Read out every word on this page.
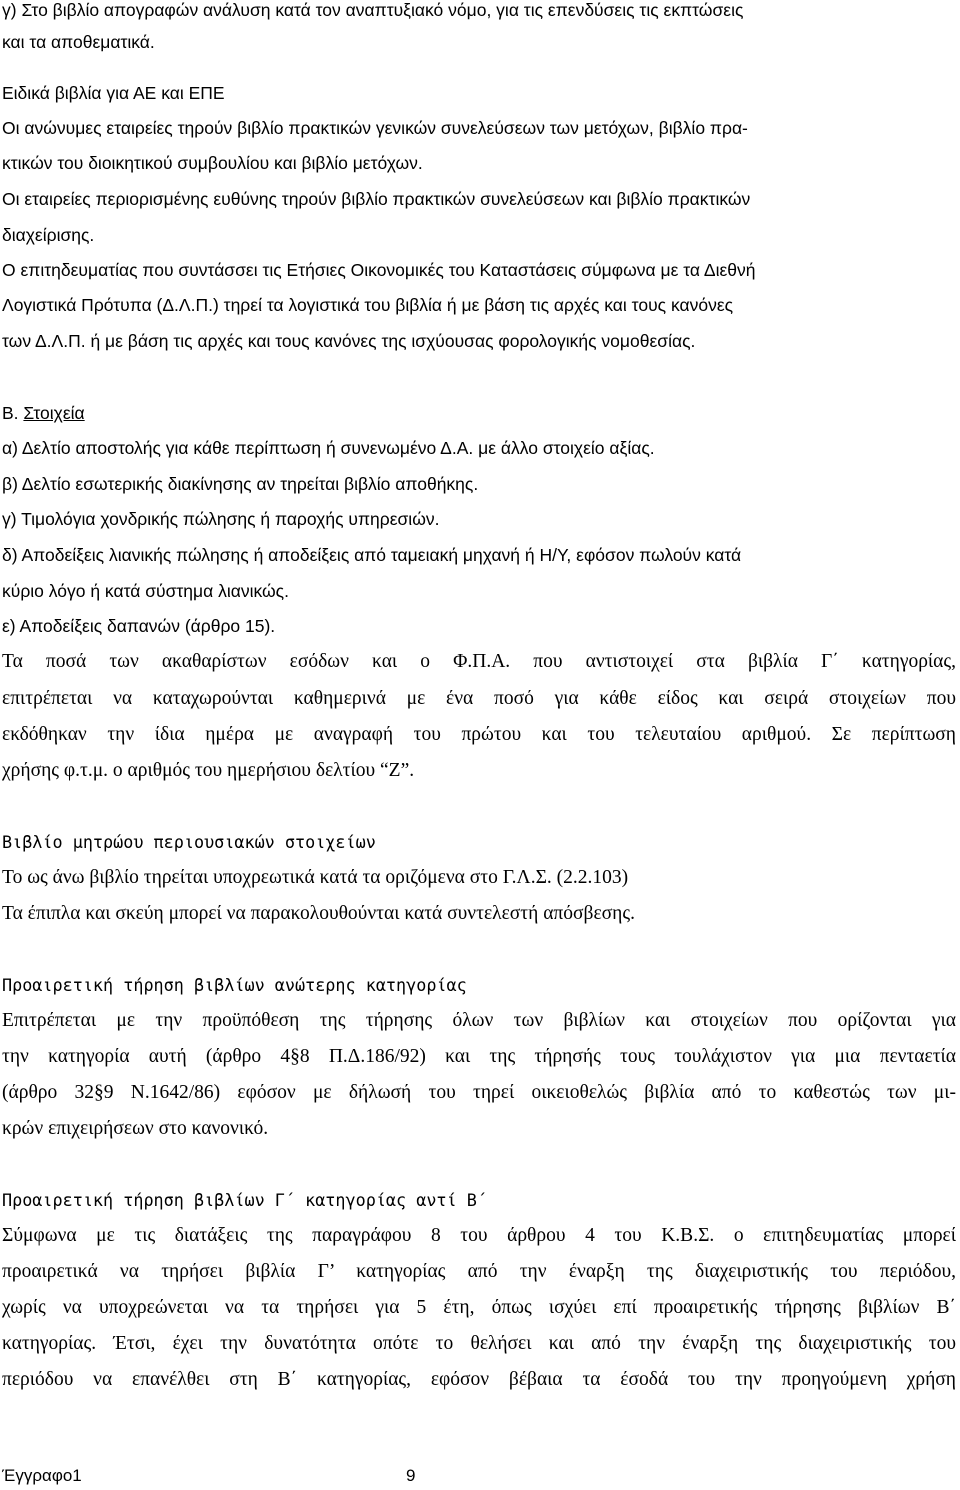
γ) Στο βιβλίο απογραφών ανάλυση κατά τον αναπτυξιακό νόμο, για τις επενδύσεις τις εκπτώσεις
και τα αποθεματικά.
Ειδικά βιβλία για ΑΕ και ΕΠΕ
Οι ανώνυμες εταιρείες τηρούν βιβλίο πρακτικών γενικών συνελεύσεων των μετόχων, βιβλίο πρα-
κτικών του διοικητικού συμβουλίου και βιβλίο μετόχων.
Οι εταιρείες περιορισμένης ευθύνης τηρούν βιβλίο πρακτικών συνελεύσεων και βιβλίο πρακτικών
διαχείρισης.
Ο επιτηδευματίας που συντάσσει τις Ετήσιες Οικονομικές του Καταστάσεις σύμφωνα με τα Διεθνή
Λογιστικά Πρότυπα (Δ.Λ.Π.) τηρεί τα λογιστικά του βιβλία ή με βάση τις αρχές και τους κανόνες
των Δ.Λ.Π. ή με βάση τις αρχές και τους κανόνες της ισχύουσας φορολογικής νομοθεσίας.
Β. Στοιχεία
α) Δελτίο αποστολής για κάθε περίπτωση ή συνενωμένο Δ.Α. με άλλο στοιχείο αξίας.
β) Δελτίο εσωτερικής διακίνησης αν τηρείται βιβλίο αποθήκης.
γ) Τιμολόγια χονδρικής πώλησης ή παροχής υπηρεσιών.
δ) Αποδείξεις λιανικής πώλησης ή αποδείξεις από ταμειακή μηχανή ή Η/Υ, εφόσον πωλούν κατά
κύριο λόγο ή κατά σύστημα λιανικώς.
ε) Αποδείξεις δαπανών (άρθρο 15).
Τα ποσά των ακαθαρίστων εσόδων και ο Φ.Π.Α. που αντιστοιχεί στα βιβλία Γ΄ κατηγορίας,
επιτρέπεται να καταχωρούνται καθημερινά με ένα ποσό για κάθε είδος και σειρά στοιχείων που
εκδόθηκαν την ίδια ημέρα με αναγραφή του πρώτου και του τελευταίου αριθμού. Σε περίπτωση
χρήσης φ.τ.μ. ο αριθμός του ημερήσιου δελτίου “Ζ”.
Βιβλίο μητρώου περιουσιακών στοιχείων
Το ως άνω βιβλίο τηρείται υποχρεωτικά κατά τα οριζόμενα στο Γ.Λ.Σ. (2.2.103)
Τα έπιπλα και σκεύη μπορεί να παρακολουθούνται κατά συντελεστή απόσβεσης.
Προαιρετική τήρηση βιβλίων ανώτερης κατηγορίας
Επιτρέπεται με την προϋπόθεση της τήρησης όλων των βιβλίων και στοιχείων που ορίζονται για
την κατηγορία αυτή (άρθρο 4§8 Π.Δ.186/92) και της τήρησής τους τουλάχιστον για μια πενταετία
(άρθρο 32§9 Ν.1642/86) εφόσον με δήλωσή του τηρεί οικειοθελώς βιβλία από το καθεστώς των μι-
κρών επιχειρήσεων στο κανονικό.
Προαιρετική τήρηση βιβλίων Γ΄ κατηγορίας αντί Β΄
Σύμφωνα με τις διατάξεις της παραγράφου 8 του άρθρου 4 του Κ.Β.Σ. ο επιτηδευματίας μπορεί
προαιρετικά να τηρήσει βιβλία Γ’ κατηγορίας από την έναρξη της διαχειριστικής του περιόδου,
χωρίς να υποχρεώνεται να τα τηρήσει για 5 έτη, όπως ισχύει επί προαιρετικής τήρησης βιβλίων Β΄
κατηγορίας. Έτσι, έχει την δυνατότητα οπότε το θελήσει και από την έναρξη της διαχειριστικής του
περιόδου να επανέλθει στη Β΄ κατηγορίας, εφόσον βέβαια τα έσοδά του την προηγούμενη χρήση
Έγγραφο1	9
